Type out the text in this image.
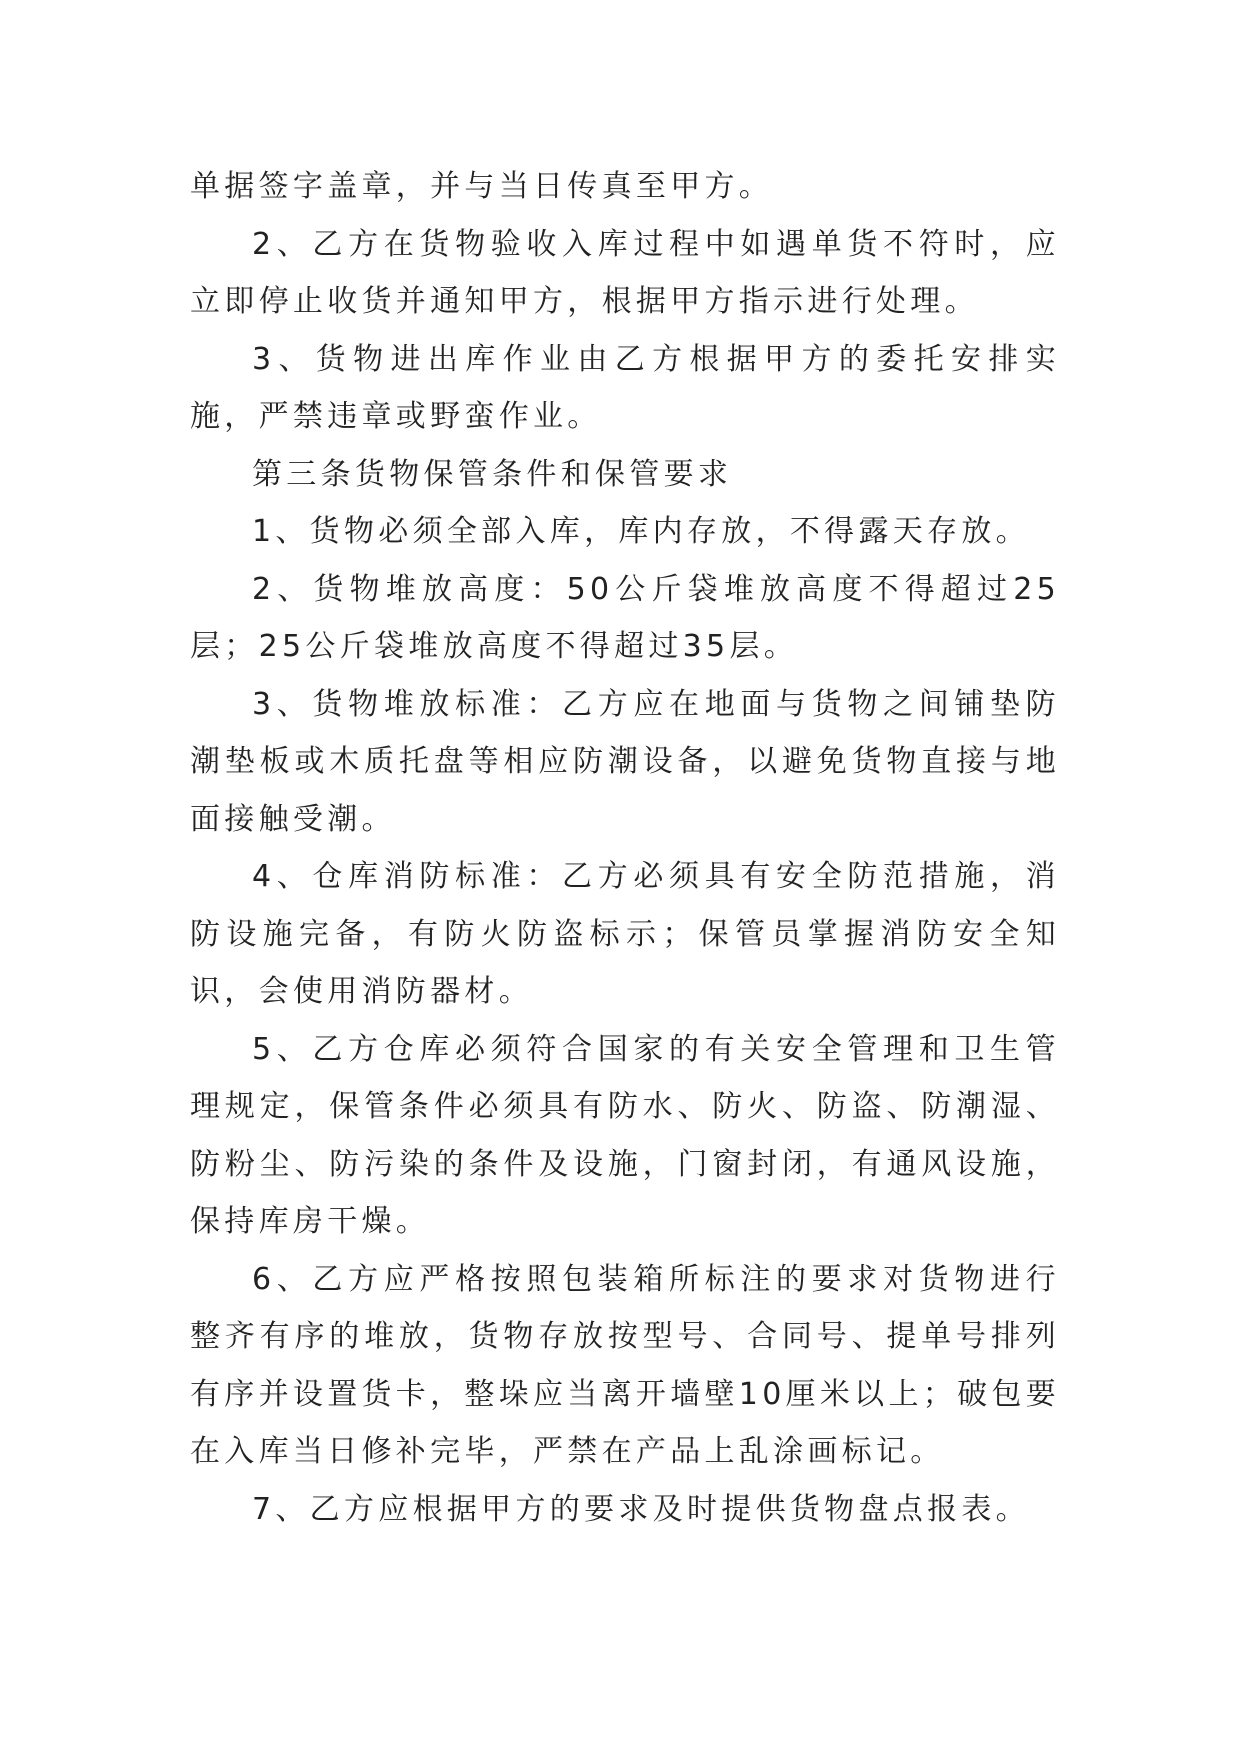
单据签字盖章，并与当日传真至甲方。

2、乙方在货物验收入库过程中如遇单货不符时，应立即停止收货并通知甲方，根据甲方指示进行处理。

3、货物进出库作业由乙方根据甲方的委托安排实施，严禁违章或野蛮作业。

第三条货物保管条件和保管要求

1、货物必须全部入库，库内存放，不得露天存放。

2、货物堆放高度：50公斤袋堆放高度不得超过25层；25公斤袋堆放高度不得超过35层。

3、货物堆放标准：乙方应在地面与货物之间铺垫防潮垫板或木质托盘等相应防潮设备，以避免货物直接与地面接触受潮。

4、仓库消防标准：乙方必须具有安全防范措施，消防设施完备，有防火防盗标示；保管员掌握消防安全知识，会使用消防器材。

5、乙方仓库必须符合国家的有关安全管理和卫生管理规定，保管条件必须具有防水、防火、防盗、防潮湿、防粉尘、防污染的条件及设施，门窗封闭，有通风设施，保持库房干燥。

6、乙方应严格按照包装箱所标注的要求对货物进行整齐有序的堆放，货物存放按型号、合同号、提单号排列有序并设置货卡，整垛应当离开墙壁10厘米以上；破包要在入库当日修补完毕，严禁在产品上乱涂画标记。

7、乙方应根据甲方的要求及时提供货物盘点报表。
